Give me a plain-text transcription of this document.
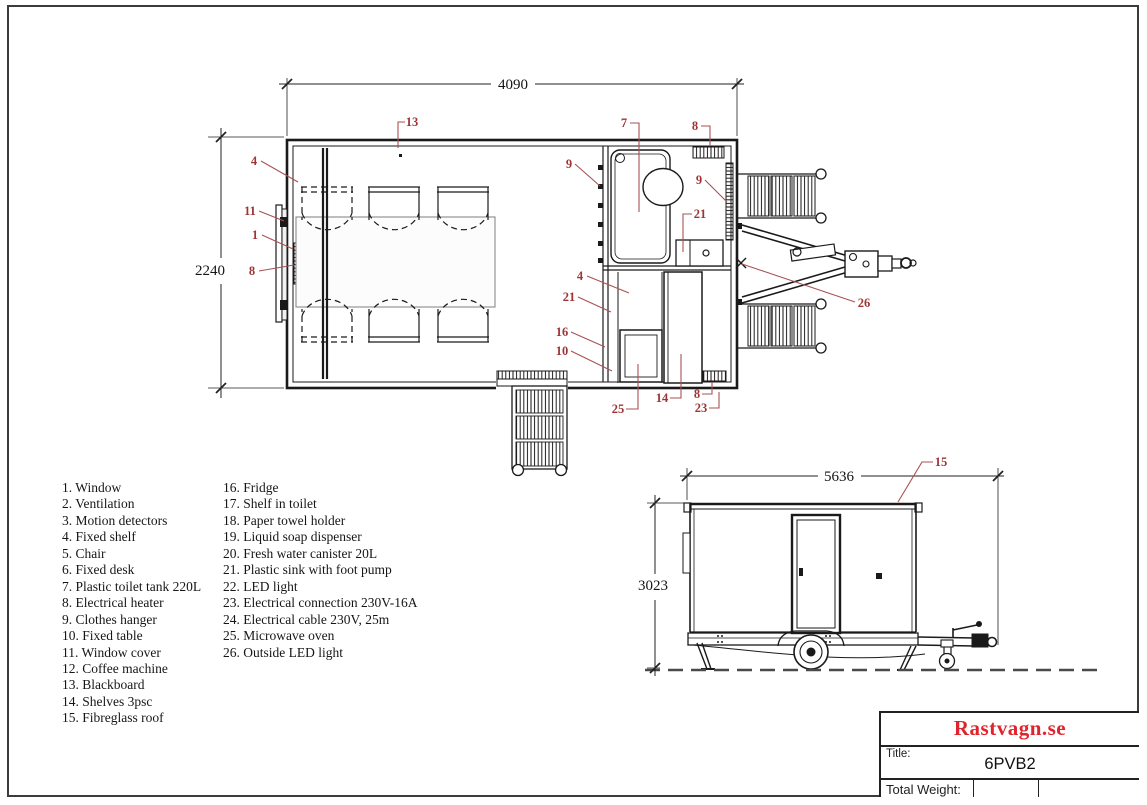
4090
2240
5636
3023
13
4
11
1
8
7	8
9
9
21
4
21
16
10
25
14 8
23
26
15
1. Window
2. Ventilation
3. Motion detectors
4. Fixed shelf
5. Chair
6. Fixed desk
7. Plastic toilet tank 220L
8. Electrical heater
9. Clothes hanger
10. Fixed table
11. Window cover
12. Coffee machine
13. Blackboard
14. Shelves 3psc
15. Fibreglass roof
16. Fridge
17. Shelf in toilet
18. Paper towel holder
19. Liquid soap dispenser
20. Fresh water canister 20L
21. Plastic sink with foot pump
22. LED light
23. Electrical connection 230V-16A
24. Electrical cable 230V, 25m
25. Microwave oven
26. Outside LED light
Rastvagn.se
Title:
6PVB2
Total Weight:
